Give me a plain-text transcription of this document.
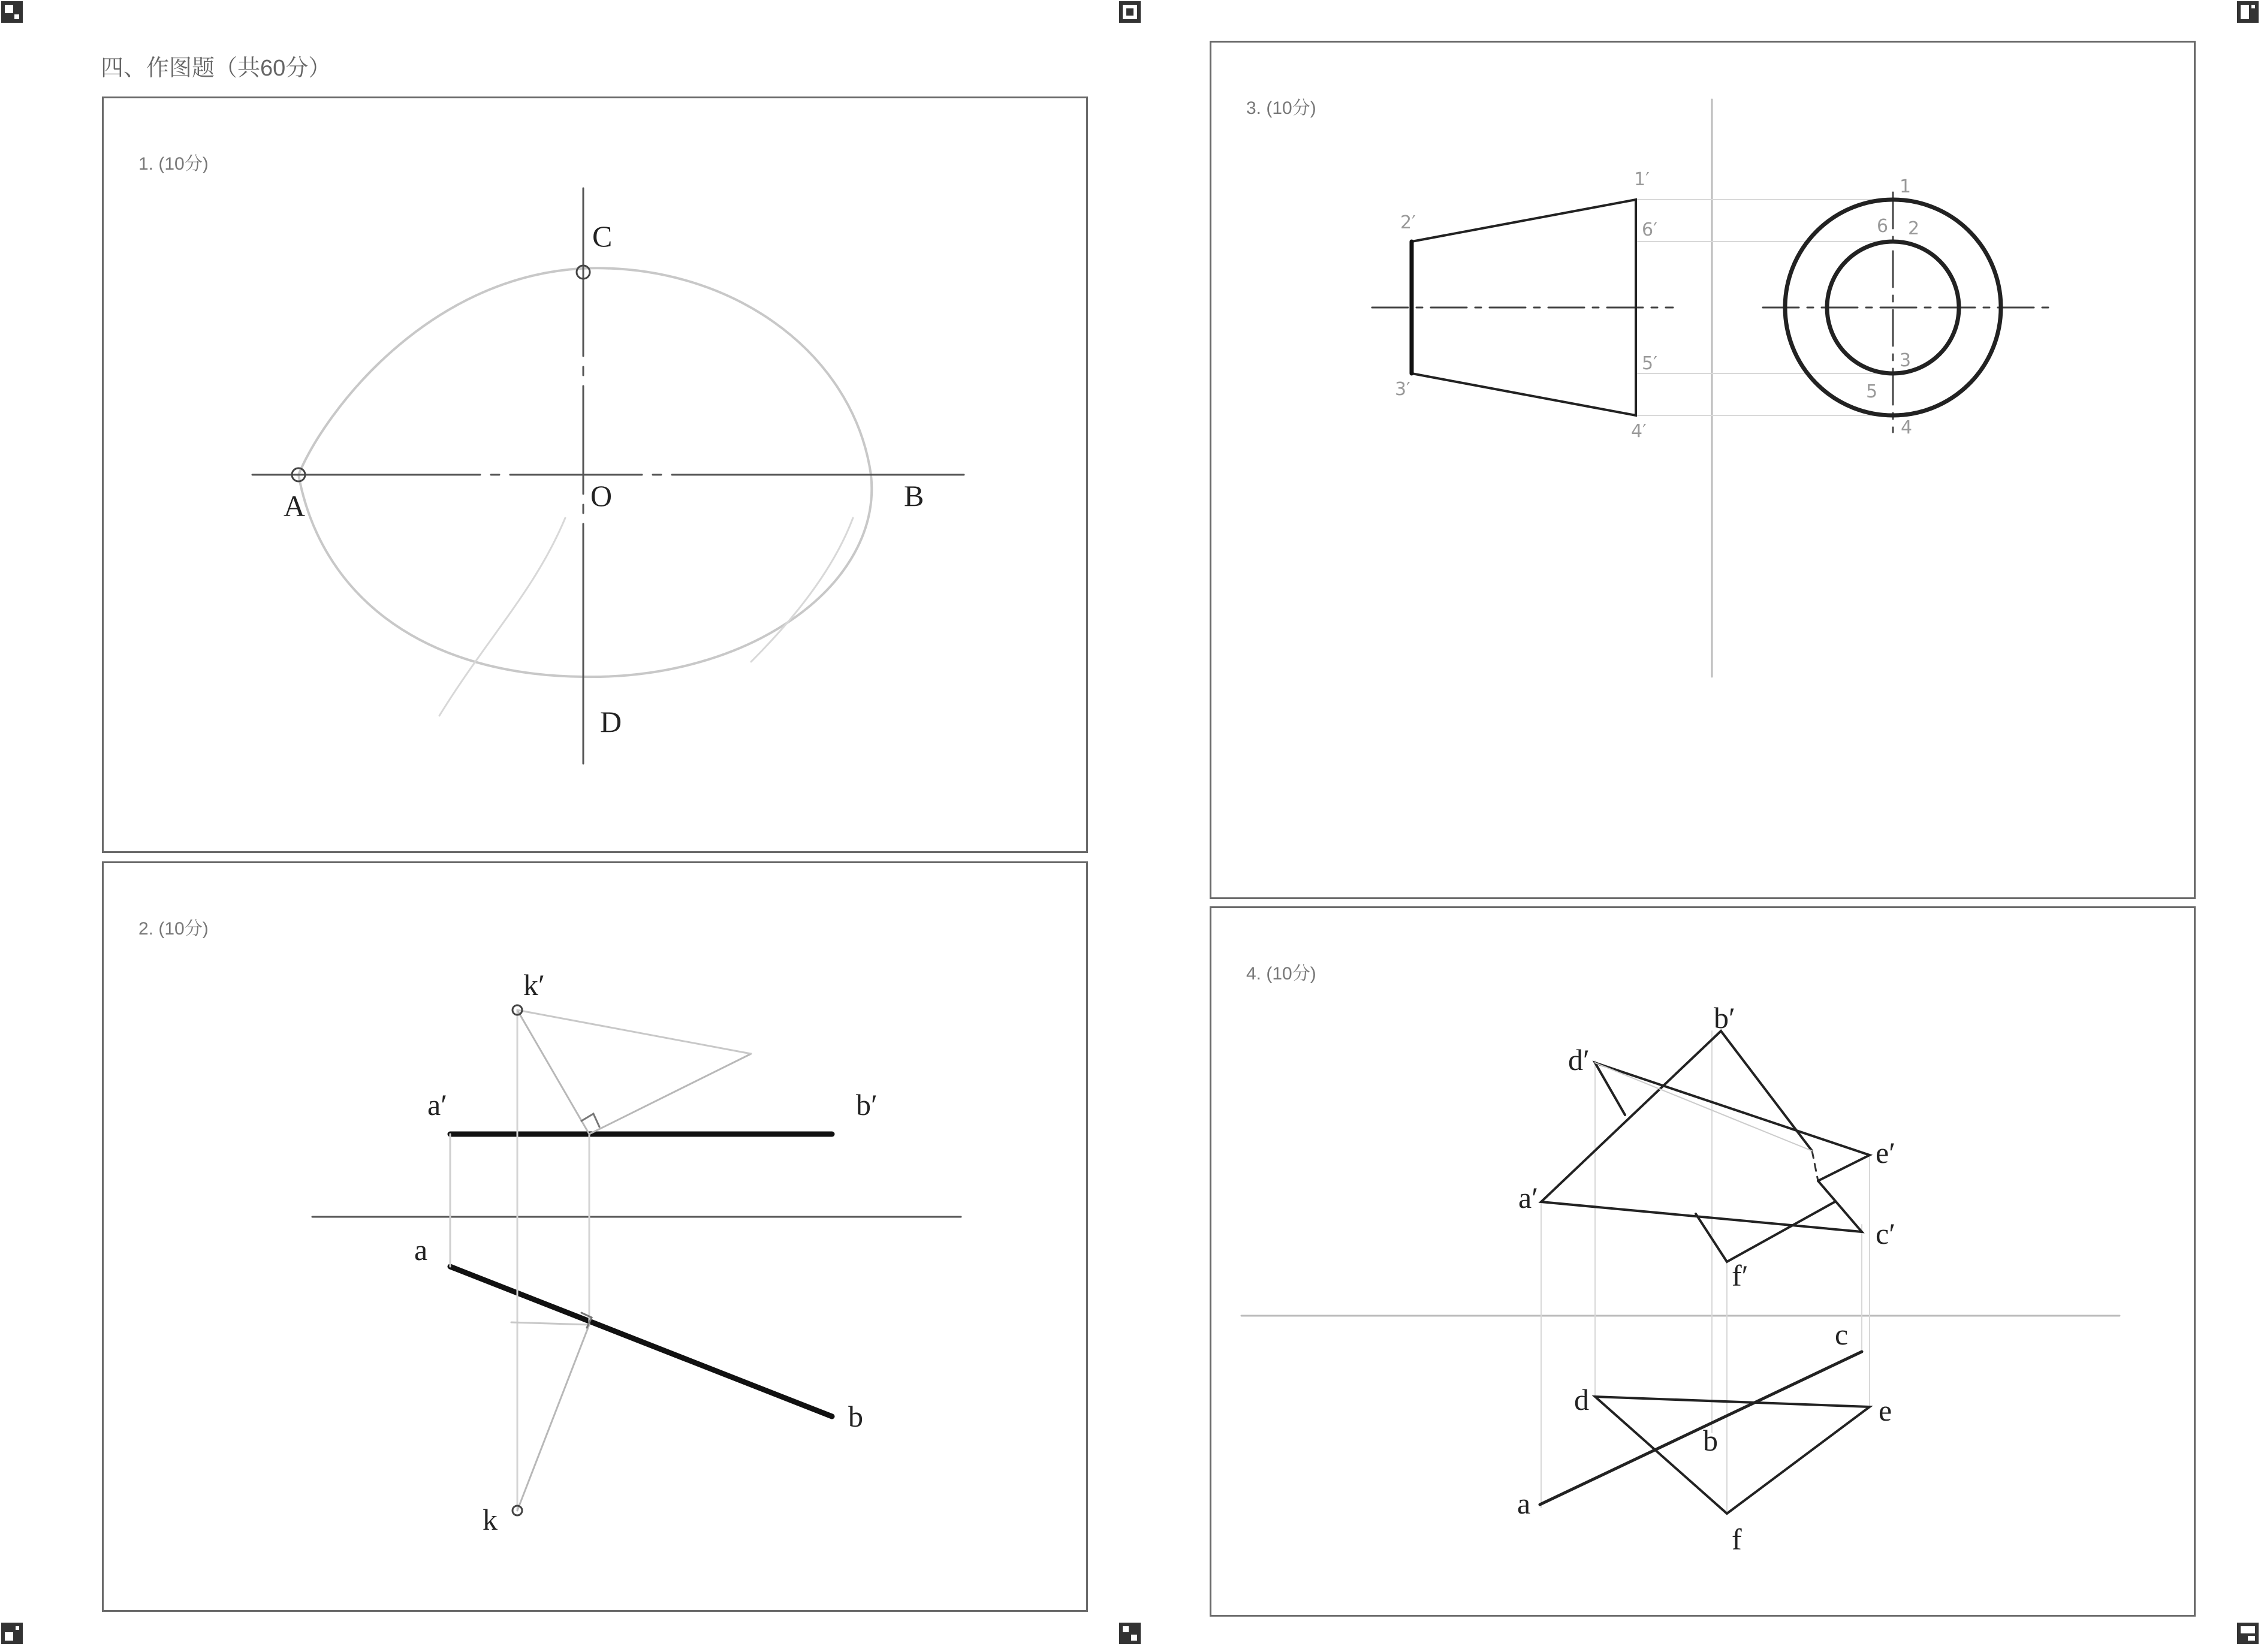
四、作图题（共60分）
1. (10分)
C
A	O	B
D
2. (10分)
k′
a′	b′
a
b
k
3. (10分)
2′
3′
1′
6′
5′
4′
1
6 2
3
5
4
4. (10分)
b′
d′
e′
a′
c′
f′
c
d	e
b
a
f
